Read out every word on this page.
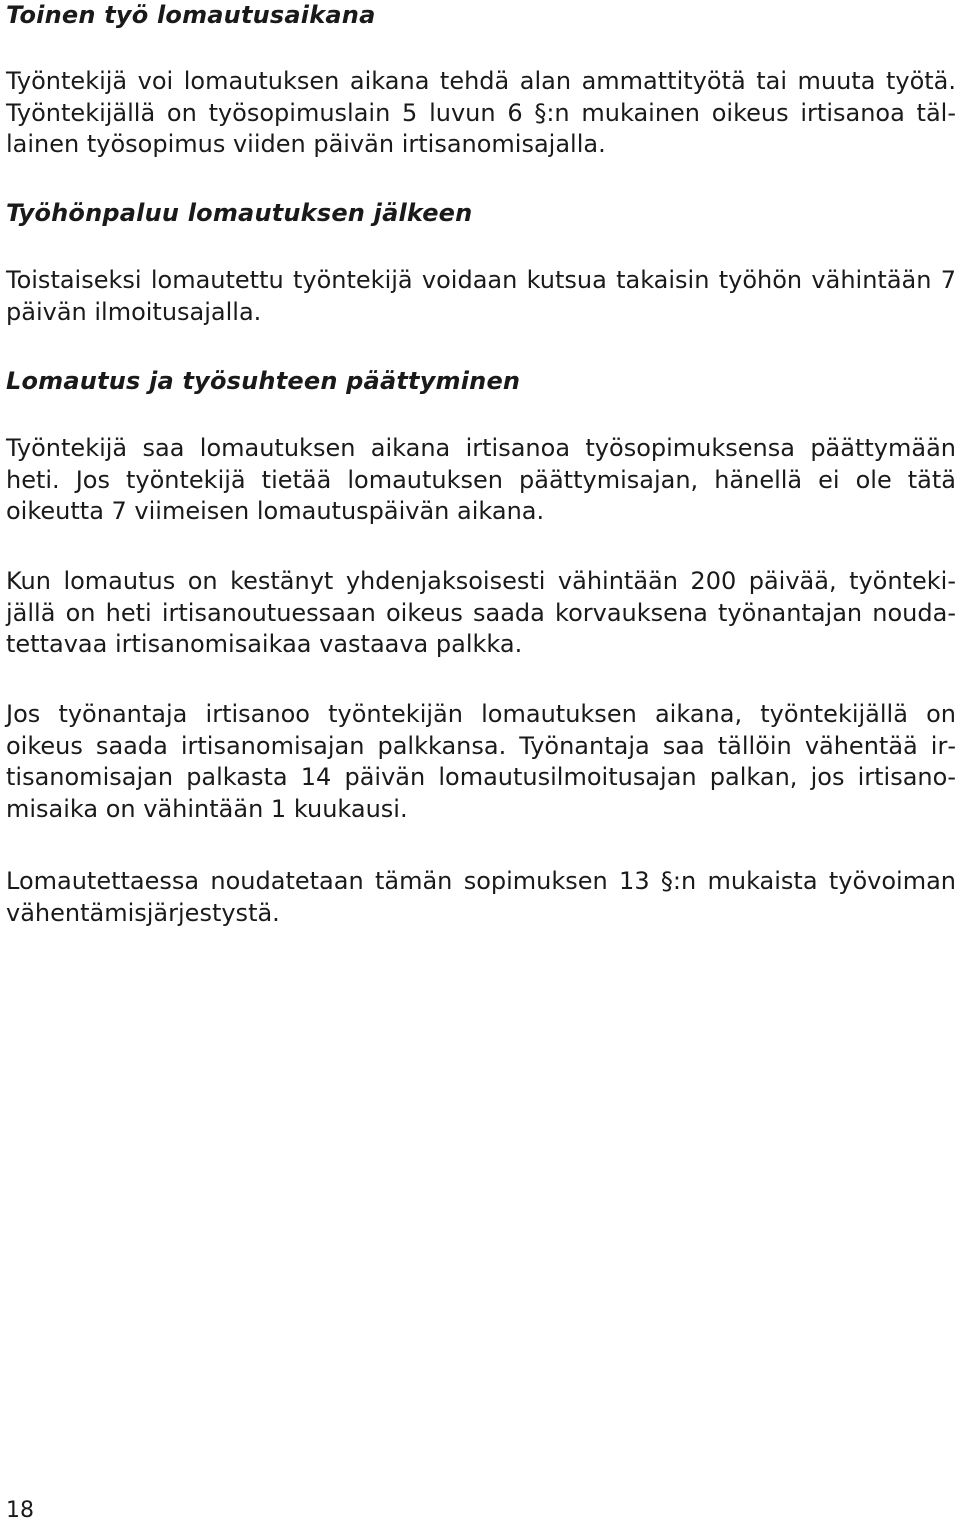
Toinen työ lomautusaikana

Työntekijä voi lomautuksen aikana tehdä alan ammattityötä tai muuta työtä. Työntekijällä on työsopimuslain 5 luvun 6 §:n mukainen oikeus irtisanoa tällainen työsopimus viiden päivän irtisanomisajalla.

Työhönpaluu lomautuksen jälkeen

Toistaiseksi lomautettu työntekijä voidaan kutsua takaisin työhön vähintään 7 päivän ilmoitusajalla.

Lomautus ja työsuhteen päättyminen

Työntekijä saa lomautuksen aikana irtisanoa työsopimuksensa päättymään heti. Jos työntekijä tietää lomautuksen päättymisajan, hänellä ei ole tätä oikeutta 7 viimeisen lomautuspäivän aikana.

Kun lomautus on kestänyt yhdenjaksoisesti vähintään 200 päivää, työntekijällä on heti irtisanoutuessaan oikeus saada korvauksena työnantajan noudatettavaa irtisanomisaikaa vastaava palkka.

Jos työnantaja irtisanoo työntekijän lomautuksen aikana, työntekijällä on oikeus saada irtisanomisajan palkkansa. Työnantaja saa tällöin vähentää irtisanomisajan palkasta 14 päivän lomautusilmoitusajan palkan, jos irtisanomisaika on vähintään 1 kuukausi.

Lomautettaessa noudatetaan tämän sopimuksen 13 §:n mukaista työvoiman vähentämisjärjestystä.

18
